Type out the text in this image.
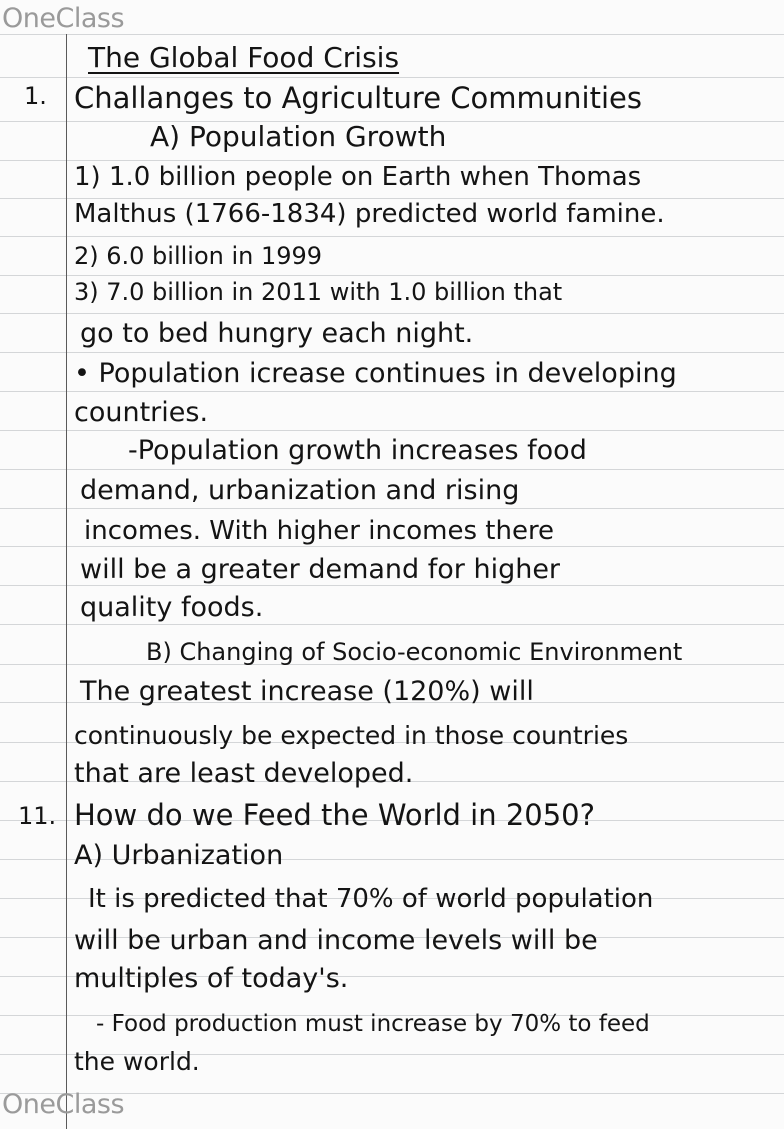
OneClass
OneClass
The Global Food Crisis
1. Challanges to Agriculture Communities
A) Population Growth
1) 1.0 billion people on Earth when Thomas
Malthus (1766-1834) predicted world famine.
2) 6.0 billion in 1999
3) 7.0 billion in 2011 with 1.0 billion that
go to bed hungry each night.
• Population icrease continues in developing
countries.
-Population growth increases food
demand, urbanization and rising
incomes. With higher incomes there
will be a greater demand for higher
quality foods.
B) Changing of Socio-economic Environment
The greatest increase (120%) will
continuously be expected in those countries
that are least developed.
11. How do we Feed the World in 2050?
A) Urbanization
It is predicted that 70% of world population
will be urban and income levels will be
multiples of today's.
- Food production must increase by 70% to feed
the world.
